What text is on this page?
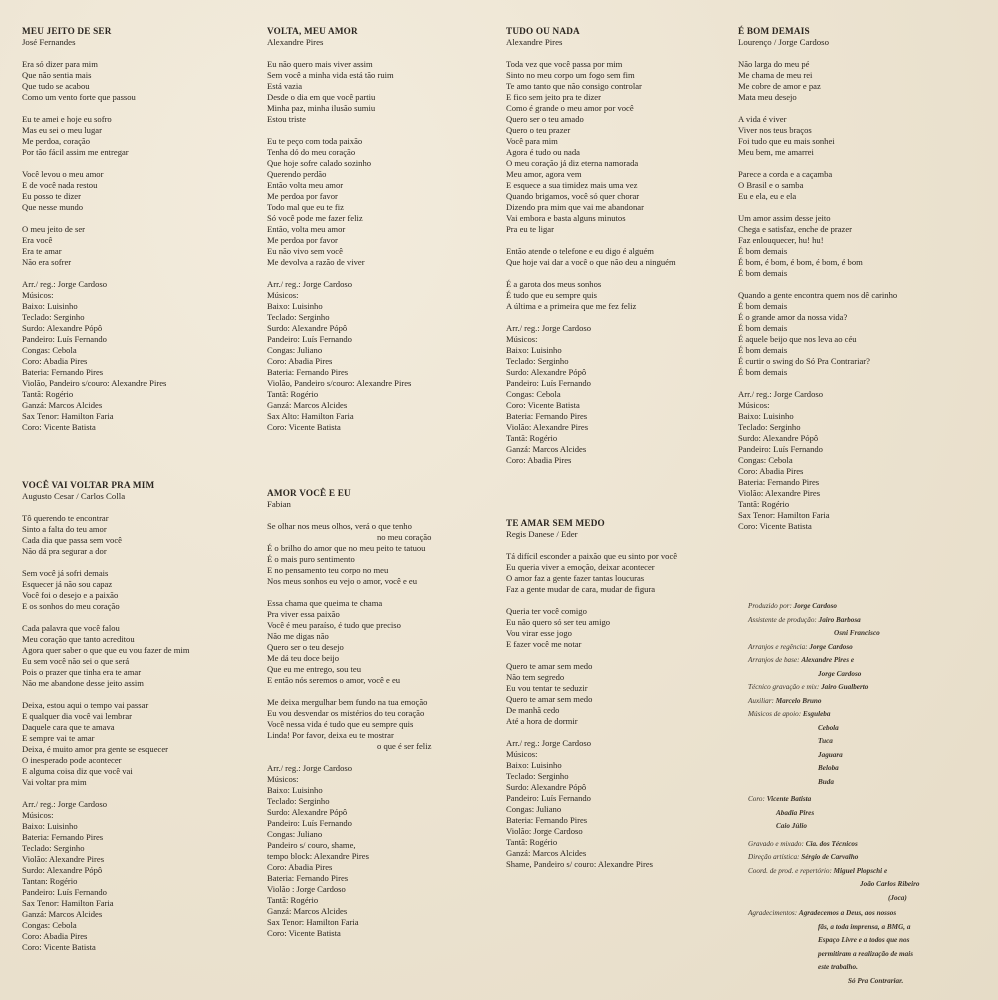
MEU JEITO DE SER
José Fernandes
Era só dizer para mim
Que não sentia mais
Que tudo se acabou
Como um vento forte que passou
Eu te amei e hoje eu sofro
Mas eu sei o meu lugar
Me perdoa, coração
Por tão fácil assim me entregar
Você levou o meu amor
E de você nada restou
Eu posso te dizer
Que nesse mundo
O meu jeito de ser
Era você
Era te amar
Não era sofrer
Arr./ reg.: Jorge Cardoso
Músicos:
Baixo: Luisinho
Teclado: Serginho
Surdo: Alexandre Pópô
Pandeiro: Luís Fernando
Congas: Cebola
Coro: Abadia Pires
Bateria: Fernando Pires
Violão, Pandeiro s/couro: Alexandre Pires
Tantã: Rogério
Ganzá: Marcos Alcides
Sax Tenor: Hamilton Faria
Coro: Vicente Batista
VOCÊ VAI VOLTAR PRA MIM
Augusto Cesar / Carlos Colla
Tô querendo te encontrar
Sinto a falta do teu amor
Cada dia que passa sem você
Não dá pra segurar a dor
Sem você já sofri demais
Esquecer já não sou capaz
Você foi o desejo e a paixão
E os sonhos do meu coração
Cada palavra que você falou
Meu coração que tanto acreditou
Agora quer saber o que que eu vou fazer de mim
Eu sem você não sei o que será
Pois o prazer que tinha era te amar
Não me abandone desse jeito assim
Deixa, estou aqui o tempo vai passar
E qualquer dia você vai lembrar
Daquele cara que te amava
E sempre vai te amar
Deixa, é muito amor pra gente se esquecer
O inesperado pode acontecer
E alguma coisa diz que você vai
Vai voltar pra mim
Arr./ reg.: Jorge Cardoso
Músicos:
Baixo: Luisinho
Bateria: Fernando Pires
Teclado: Serginho
Violão: Alexandre Pires
Surdo: Alexandre Pópô
Tantan: Rogério
Pandeiro: Luís Fernando
Sax Tenor: Hamilton Faria
Ganzá: Marcos Alcides
Congas: Cebola
Coro: Abadia Pires
Coro: Vicente Batista
VOLTA, MEU AMOR
Alexandre Pires
Eu não quero mais viver assim
Sem você a minha vida está tão ruim
Está vazia
Desde o dia em que você partiu
Minha paz, minha ilusão sumiu
Estou triste
Eu te peço com toda paixão
Tenha dó do meu coração
Que hoje sofre calado sozinho
Querendo perdão
Então volta meu amor
Me perdoa por favor
Todo mal que eu te fiz
Só você pode me fazer feliz
Então, volta meu amor
Me perdoa por favor
Eu não vivo sem você
Me devolva a razão de viver
Arr./ reg.: Jorge Cardoso
Músicos:
Baixo: Luisinho
Teclado: Serginho
Surdo: Alexandre Pópô
Pandeiro: Luís Fernando
Congas: Juliano
Coro: Abadia Pires
Bateria: Fernando Pires
Violão, Pandeiro s/couro: Alexandre Pires
Tantã: Rogério
Ganzá: Marcos Alcides
Sax Alto: Hamilton Faria
Coro: Vicente Batista
AMOR VOCÊ E EU
Fabian
Se olhar nos meus olhos, verá o que tenho
no meu coração
É o brilho do amor que no meu peito te tatuou
É o mais puro sentimento
E no pensamento teu corpo no meu
Nos meus sonhos eu vejo o amor, você e eu
Essa chama que queima te chama
Pra viver essa paixão
Você é meu paraíso, é tudo que preciso
Não me digas não
Quero ser o teu desejo
Me dá teu doce beijo
Que eu me entrego, sou teu
E então nós seremos o amor, você e eu
Me deixa mergulhar bem fundo na tua emoção
Eu vou desvendar os mistérios do teu coração
Você nessa vida é tudo que eu sempre quis
Linda! Por favor, deixa eu te mostrar
o que é ser feliz
Arr./ reg.: Jorge Cardoso
Músicos:
Baixo: Luisinho
Teclado: Serginho
Surdo: Alexandre Pópô
Pandeiro: Luís Fernando
Congas: Juliano
Pandeiro s/ couro, shame,
tempo block: Alexandre Pires
Coro: Abadia Pires
Bateria: Fernando Pires
Violão : Jorge Cardoso
Tantã: Rogério
Ganzá: Marcos Alcides
Sax Tenor: Hamilton Faria
Coro: Vicente Batista
TUDO OU NADA
Alexandre Pires
Toda vez que você passa por mim
Sinto no meu corpo um fogo sem fim
Te amo tanto que não consigo controlar
E fico sem jeito pra te dizer
Como é grande o meu amor por você
Quero ser o teu amado
Quero o teu prazer
Você para mim
Agora é tudo ou nada
O meu coração já diz eterna namorada
Meu amor, agora vem
E esquece a sua timidez mais uma vez
Quando brigamos, você só quer chorar
Dizendo pra mim que vai me abandonar
Vai embora e basta alguns minutos
Pra eu te ligar
Então atende o telefone e eu digo é alguém
Que hoje vai dar a você o que não deu a ninguém
É a garota dos meus sonhos
É tudo que eu sempre quis
A última e a primeira que me fez feliz
Arr./ reg.: Jorge Cardoso
Músicos:
Baixo: Luisinho
Teclado: Serginho
Surdo: Alexandre Pópô
Pandeiro: Luís Fernando
Congas: Cebola
Coro: Vicente Batista
Bateria: Fernando Pires
Violão: Alexandre Pires
Tantã: Rogério
Ganzá: Marcos Alcides
Coro: Abadia Pires
TE AMAR SEM MEDO
Regis Danese / Eder
Tá difícil esconder a paixão que eu sinto por você
Eu queria viver a emoção, deixar acontecer
O amor faz a gente fazer tantas loucuras
Faz a gente mudar de cara, mudar de figura
Queria ter você comigo
Eu não quero só ser teu amigo
Vou virar esse jogo
E fazer você me notar
Quero te amar sem medo
Não tem segredo
Eu vou tentar te seduzir
Quero te amar sem medo
De manhã cedo
Até a hora de dormir
Arr./ reg.: Jorge Cardoso
Músicos:
Baixo: Luisinho
Teclado: Serginho
Surdo: Alexandre Pópô
Pandeiro: Luís Fernando
Congas: Juliano
Bateria: Fernando Pires
Violão: Jorge Cardoso
Tantã: Rogério
Ganzá: Marcos Alcides
Shame, Pandeiro s/ couro: Alexandre Pires
É BOM DEMAIS
Lourenço / Jorge Cardoso
Não larga do meu pé
Me chama de meu rei
Me cobre de amor e paz
Mata meu desejo
A vida é viver
Viver nos teus braços
Foi tudo que eu mais sonhei
Meu bem, me amarrei
Parece a corda e a caçamba
O Brasil e o samba
Eu e ela, eu e ela
Um amor assim desse jeito
Chega e satisfaz, enche de prazer
Faz enlouquecer, hu! hu!
É bom demais
É bom, é bom, é bom, é bom, é bom
É bom demais
Quando a gente encontra quem nos dê carinho
É bom demais
É o grande amor da nossa vida?
É bom demais
É aquele beijo que nos leva ao céu
É bom demais
É curtir o swing do Só Pra Contrariar?
É bom demais
Arr./ reg.: Jorge Cardoso
Músicos:
Baixo: Luisinho
Teclado: Serginho
Surdo: Alexandre Pópô
Pandeiro: Luís Fernando
Congas: Cebola
Coro: Abadia Pires
Bateria: Fernando Pires
Violão: Alexandre Pires
Tantã: Rogério
Sax Tenor: Hamilton Faria
Coro: Vicente Batista
Produzido por: Jorge Cardoso
Assistente de produção: Jairo Barbosa
Osni Francisco
Arranjos e regência: Jorge Cardoso
Arranjos de base: Alexandre Pires e
Jorge Cardoso
Técnico gravação e mix: Jairo Gualberto
Auxiliar: Marcelo Bruno
Músicos de apoio: Esguleba
Cebola
Tuca
Jaguara
Beloba
Buda
Coro: Vicente Batista
Abadia Pires
Caio Júlio
Gravado e mixado: Cia. dos Técnicos
Direção artística: Sérgio de Carvalho
Coord. de prod. e repertório: Miguel Plopschi e
João Carlos Ribeiro
(Joca)
Agradecimentos: Agradecemos a Deus, aos nossos
fãs, a toda imprensa, a BMG, a
Espaço Livre e a todos que nos
permitiram a realização de mais
este trabalho.
Só Pra Contrariar.
